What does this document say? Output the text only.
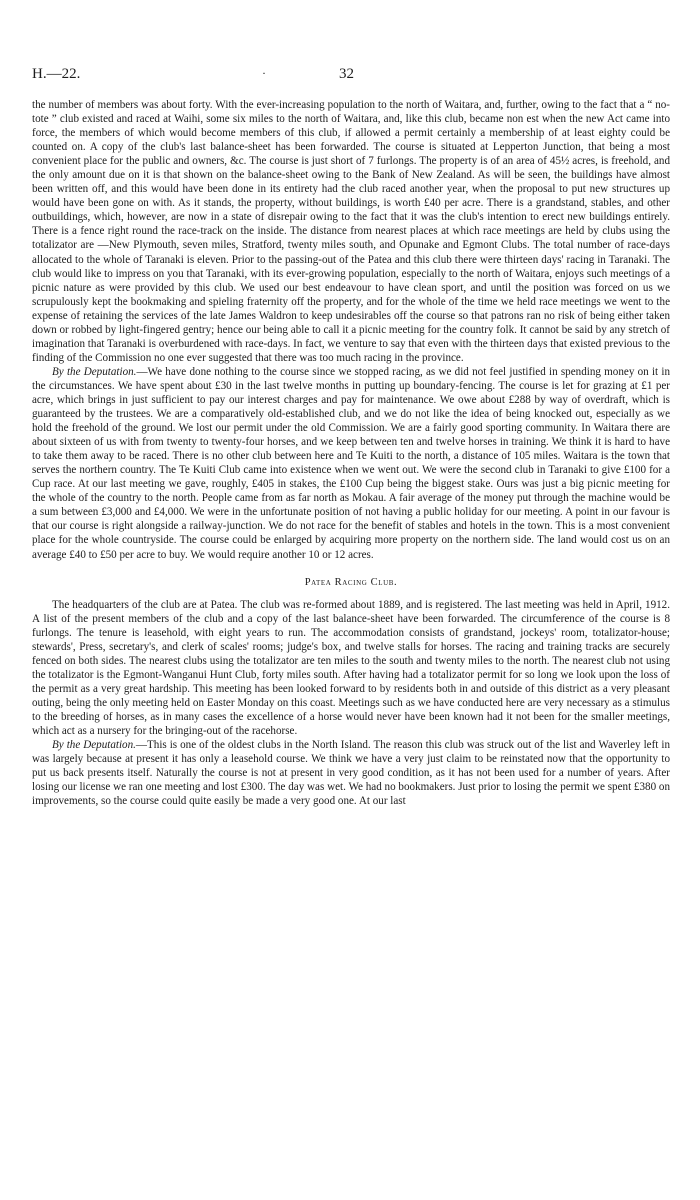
H.—22.	·	32

the number of members was about forty. With the ever-increasing population to the north of Waitara, and, further, owing to the fact that a “ no-tote ” club existed and raced at Waihi, some six miles to the north of Waitara, and, like this club, became non est when the new Act came into force, the members of which would become members of this club, if allowed a permit certainly a membership of at least eighty could be counted on. A copy of the club's last balance-sheet has been forwarded. The course is situated at Lepperton Junction, that being a most convenient place for the public and owners, &c. The course is just short of 7 furlongs. The property is of an area of 45½ acres, is freehold, and the only amount due on it is that shown on the balance-sheet owing to the Bank of New Zealand. As will be seen, the buildings have almost been written off, and this would have been done in its entirety had the club raced another year, when the proposal to put new structures up would have been gone on with. As it stands, the property, without buildings, is worth £40 per acre. There is a grandstand, stables, and other outbuildings, which, however, are now in a state of disrepair owing to the fact that it was the club's intention to erect new buildings entirely. There is a fence right round the race-track on the inside. The distance from nearest places at which race meetings are held by clubs using the totalizator are —New Plymouth, seven miles, Stratford, twenty miles south, and Opunake and Egmont Clubs. The total number of race-days allocated to the whole of Taranaki is eleven. Prior to the passing-out of the Patea and this club there were thirteen days' racing in Taranaki. The club would like to impress on you that Taranaki, with its ever-growing population, especially to the north of Waitara, enjoys such meetings of a picnic nature as were provided by this club. We used our best endeavour to have clean sport, and until the position was forced on us we scrupulously kept the bookmaking and spieling fraternity off the property, and for the whole of the time we held race meetings we went to the expense of retaining the services of the late James Waldron to keep undesirables off the course so that patrons ran no risk of being either taken down or robbed by light-fingered gentry; hence our being able to call it a picnic meeting for the country folk. It cannot be said by any stretch of imagination that Taranaki is overburdened with race-days. In fact, we venture to say that even with the thirteen days that existed previous to the finding of the Commission no one ever suggested that there was too much racing in the province.

By the Deputation.—We have done nothing to the course since we stopped racing, as we did not feel justified in spending money on it in the circumstances. We have spent about £30 in the last twelve months in putting up boundary-fencing. The course is let for grazing at £1 per acre, which brings in just sufficient to pay our interest charges and pay for maintenance. We owe about £288 by way of overdraft, which is guaranteed by the trustees. We are a comparatively old-established club, and we do not like the idea of being knocked out, especially as we hold the freehold of the ground. We lost our permit under the old Commission. We are a fairly good sporting community. In Waitara there are about sixteen of us with from twenty to twenty-four horses, and we keep between ten and twelve horses in training. We think it is hard to have to take them away to be raced. There is no other club between here and Te Kuiti to the north, a distance of 105 miles. Waitara is the town that serves the northern country. The Te Kuiti Club came into existence when we went out. We were the second club in Taranaki to give £100 for a Cup race. At our last meeting we gave, roughly, £405 in stakes, the £100 Cup being the biggest stake. Ours was just a big picnic meeting for the whole of the country to the north. People came from as far north as Mokau. A fair average of the money put through the machine would be a sum between £3,000 and £4,000. We were in the unfortunate position of not having a public holiday for our meeting. A point in our favour is that our course is right alongside a railway-junction. We do not race for the benefit of stables and hotels in the town. This is a most convenient place for the whole countryside. The course could be enlarged by acquiring more property on the northern side. The land would cost us on an average £40 to £50 per acre to buy. We would require another 10 or 12 acres.

Patea Racing Club.

The headquarters of the club are at Patea. The club was re-formed about 1889, and is registered. The last meeting was held in April, 1912. A list of the present members of the club and a copy of the last balance-sheet have been forwarded. The circumference of the course is 8 furlongs. The tenure is leasehold, with eight years to run. The accommodation consists of grandstand, jockeys' room, totalizator-house; stewards', Press, secretary's, and clerk of scales' rooms; judge's box, and twelve stalls for horses. The racing and training tracks are securely fenced on both sides. The nearest clubs using the totalizator are ten miles to the south and twenty miles to the north. The nearest club not using the totalizator is the Egmont-Wanganui Hunt Club, forty miles south. After having had a totalizator permit for so long we look upon the loss of the permit as a very great hardship. This meeting has been looked forward to by residents both in and outside of this district as a very pleasant outing, being the only meeting held on Easter Monday on this coast. Meetings such as we have conducted here are very necessary as a stimulus to the breeding of horses, as in many cases the excellence of a horse would never have been known had it not been for the smaller meetings, which act as a nursery for the bringing-out of the racehorse.

By the Deputation.—This is one of the oldest clubs in the North Island. The reason this club was struck out of the list and Waverley left in was largely because at present it has only a leasehold course. We think we have a very just claim to be reinstated now that the opportunity to put us back presents itself. Naturally the course is not at present in very good condition, as it has not been used for a number of years. After losing our license we ran one meeting and lost £300. The day was wet. We had no bookmakers. Just prior to losing the permit we spent £380 on improvements, so the course could quite easily be made a very good one. At our last
